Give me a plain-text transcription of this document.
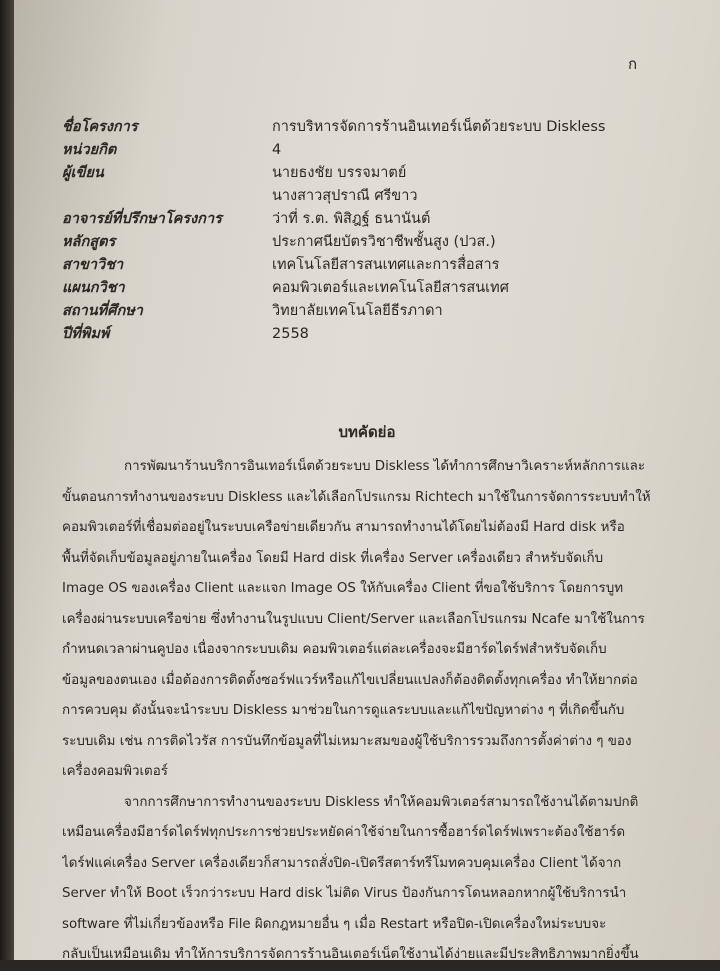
ก
ชื่อโครงการ	การบริหารจัดการร้านอินเทอร์เน็ตด้วยระบบ Diskless
หน่วยกิต	4
ผู้เขียน	นายธงชัย บรรจมาตย์
นางสาวสุปราณี ศรีขาว
อาจารย์ที่ปรึกษาโครงการ	ว่าที่ ร.ต. พิสิฎฐ์ ธนานันต์
หลักสูตร	ประกาศนียบัตรวิชาชีพชั้นสูง (ปวส.)
สาขาวิชา	เทคโนโลยีสารสนเทศและการสื่อสาร
แผนกวิชา	คอมพิวเตอร์และเทคโนโลยีสารสนเทศ
สถานที่ศึกษา	วิทยาลัยเทคโนโลยีธีรภาดา
ปีที่พิมพ์	2558
บทคัดย่อ
การพัฒนาร้านบริการอินเทอร์เน็ตด้วยระบบ Diskless ได้ทำการศึกษาวิเคราะห์หลักการและ
ขั้นตอนการทำงานของระบบ Diskless และได้เลือกโปรแกรม Richtech มาใช้ในการจัดการระบบทำให้
คอมพิวเตอร์ที่เชื่อมต่ออยู่ในระบบเครือข่ายเดียวกัน สามารถทำงานได้โดยไม่ต้องมี Hard disk หรือ
พื้นที่จัดเก็บข้อมูลอยู่ภายในเครื่อง โดยมี Hard disk ที่เครื่อง Server เครื่องเดียว สำหรับจัดเก็บ
Image OS ของเครื่อง Client และแจก Image OS ให้กับเครื่อง Client ที่ขอใช้บริการ โดยการบูท
เครื่องผ่านระบบเครือข่าย ซึ่งทำงานในรูปแบบ Client/Server และเลือกโปรแกรม Ncafe มาใช้ในการ
กำหนดเวลาผ่านคูปอง เนื่องจากระบบเดิม คอมพิวเตอร์แต่ละเครื่องจะมีฮาร์ดไดร์ฟสำหรับจัดเก็บ
ข้อมูลของตนเอง เมื่อต้องการติดตั้งซอร์ฟแวร์หรือแก้ไขเปลี่ยนแปลงก็ต้องติดตั้งทุกเครื่อง ทำให้ยากต่อ
การควบคุม ดังนั้นจะนำระบบ Diskless มาช่วยในการดูแลระบบและแก้ไขปัญหาต่าง ๆ ที่เกิดขึ้นกับ
ระบบเดิม เช่น การติดไวรัส การบันทึกข้อมูลที่ไม่เหมาะสมของผู้ใช้บริการรวมถึงการตั้งค่าต่าง ๆ ของ
เครื่องคอมพิวเตอร์
จากการศึกษาการทำงานของระบบ Diskless ทำให้คอมพิวเตอร์สามารถใช้งานได้ตามปกติ
เหมือนเครื่องมีฮาร์ดไดร์ฟทุกประการช่วยประหยัดค่าใช้จ่ายในการซื้อฮาร์ดไดร์ฟเพราะต้องใช้ฮาร์ด
ไดร์ฟแค่เครื่อง Server เครื่องเดียวก็สามารถสั่งปิด-เปิดรีสตาร์ทรีโมทควบคุมเครื่อง Client ได้จาก
Server ทำให้ Boot เร็วกว่าระบบ Hard disk ไม่ติด Virus ป้องกันการโดนหลอกหากผู้ใช้บริการนำ
software ที่ไม่เกี่ยวข้องหรือ File ผิดกฎหมายอื่น ๆ เมื่อ Restart หรือปิด-เปิดเครื่องใหม่ระบบจะ
กลับเป็นเหมือนเดิม ทำให้การบริการจัดการร้านอินเตอร์เน็ตใช้งานได้ง่ายและมีประสิทธิภาพมากยิ่งขึ้น
